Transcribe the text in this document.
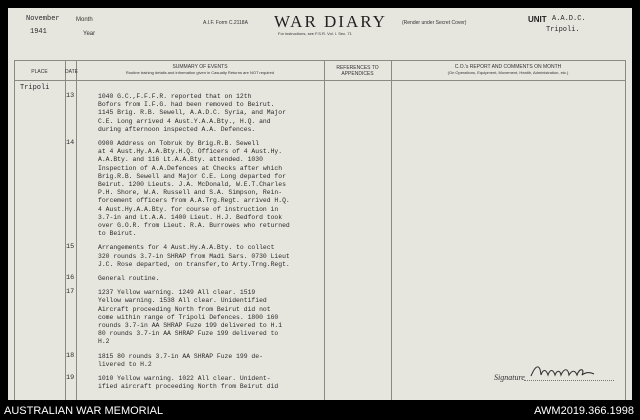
November	Month
1941	Year
A.I.F. Form C.2118A WAR DIARY
For instructions, see F.S.R. Vol. I. Sec. 71
(Render under Secret Cover)	UNIT A.A.D.C.
Tripoli.
PLACE	DATE
SUMMARY OF EVENTS
Routine training details and information given in Casualty Returns are NOT required
REFERENCES TO
APPENDICES
C.O.'s REPORT AND COMMENTS ON MONTH
(On Operations, Equipment, Movement, Health, Administration, etc.)
Tripoli
13	1040 G.C.,F.F.F.R. reported that on 12th
Bofors from I.F.G. had been removed to Beirut.
1145 Brig. R.B. Sewell, A.A.D.C. Syria, and Major
C.E. Long arrived 4 Aust.Y.A.A.Bty., H.Q. and
during afternoon inspected A.A. Defences.
14	0900 Address on Tobruk by Brig.R.B. Sewell
at 4 Aust.Hy.A.A.Bty.H.Q. Officers of 4 Aust.Hy.
A.A.Bty. and 116 Lt.A.A.Bty. attended. 1030
Inspection of A.A.Defences at Checks after which
Brig.R.B. Sewell and Major C.E. Long departed for
Beirut. 1200 Lieuts. J.A. McDonald, W.E.T.Charles
P.H. Shore, W.A. Russell and S.A. Simpson, Rein-
forcement officers from A.A.Trg.Regt. arrived H.Q.
4 Aust.Hy.A.A.Bty. for course of instruction in
3.7-in and Lt.A.A. 1400 Lieut. H.J. Bedford took
over G.O.R. from Lieut. R.A. Burrowes who returned
to Beirut.
15	Arrangements for 4 Aust.Hy.A.A.Bty. to collect
320 rounds 3.7-in SHRAP from Madi Sars. 0730 Lieut
J.C. Rose departed, on transfer,to Arty.Trng.Regt.
16	General routine.
17	1237 Yellow warning. 1249 All clear. 1519
Yellow warning. 1538 All clear. Unidentified
Aircraft proceeding North from Beirut did not
come within range of Tripoli Defences. 1800 160
rounds 3.7-in AA SHRAP Fuze 199 delivered to H.1
80 rounds 3.7-in AA SHRAP Fuze 199 delivered to
H.2
18	1815 80 rounds 3.7-in AA SHRAP Fuze 199 de-
livered to H.2
19	1010 Yellow warning. 1022 All clear. Unident-
ified aircraft proceeding North from Beirut did
Signature
AUSTRALIAN WAR MEMORIAL	AWM2019.366.1998
